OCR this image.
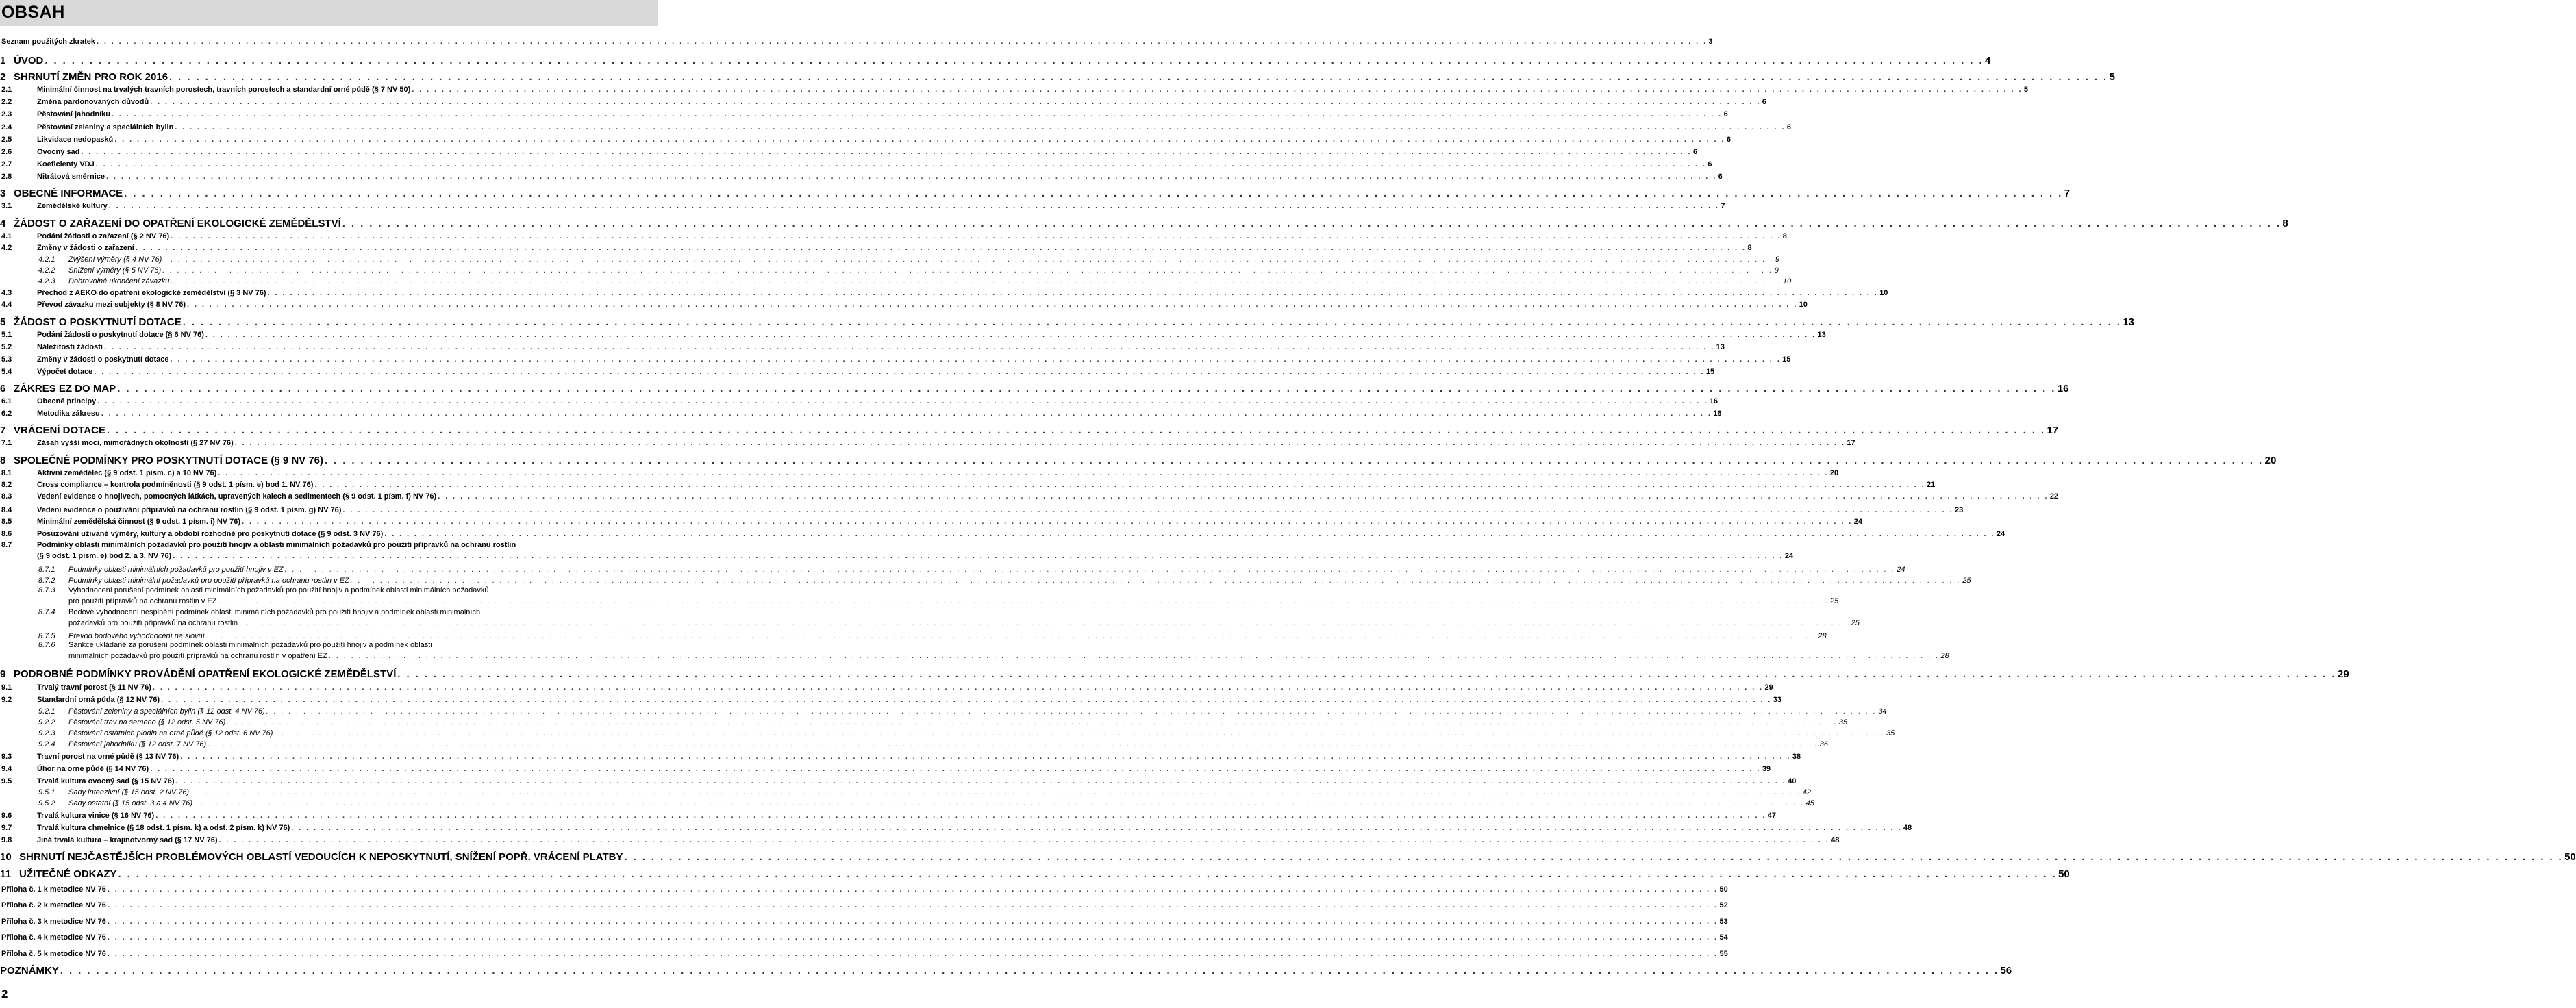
OBSAH
Seznam použitých zkratek . . .	3
1 ÚVOD . . .	4
2 SHRNUTÍ ZMĚN PRO ROK 2016 . . .	5
2.1	Minimální činnost na trvalých travních porostech, travních porostech a standardní orné půdě (§ 7 NV 50) . . .	5
2.2	Změna pardonovaných důvodů . . .	6
2.3	Pěstování jahodníku . . .	6
2.4	Pěstování zeleniny a speciálních bylin . . .	6
2.5	Likvidace nedopasků . . .	6
2.6	Ovocný sad . . .	6
2.7	Koeficienty VDJ . . .	6
2.8	Nitrátová směrnice . . .	6
3 OBECNÉ INFORMACE . . .	7
3.1	Zemědělské kultury . . .	7
4 ŽÁDOST O ZAŘAZENÍ DO OPATŘENÍ EKOLOGICKÉ ZEMĚDĚLSTVÍ . . .	8
4.1	Podání žádosti o zařazení (§ 2 NV 76) . . .	8
4.2	Změny v žádosti o zařazení . . .	8
4.2.1	Zvýšení výměry (§ 4 NV 76) . . .	9
4.2.2	Snížení výměry (§ 5 NV 76) . . .	9
4.2.3	Dobrovolné ukončení závazku . . .	10
4.3	Přechod z AEKO do opatření ekologické zemědělství (§ 3 NV 76) . . .	10
4.4	Převod závazku mezi subjekty (§ 8 NV 76) . . .	10
5 ŽÁDOST O POSKYTNUTÍ DOTACE . . .	13
5.1	Podání žádosti o poskytnutí dotace (§ 6 NV 76) . . .	13
5.2	Náležitosti žádosti . . .	13
5.3	Změny v žádosti o poskytnutí dotace . . .	15
5.4	Výpočet dotace . . .	15
6 ZÁKRES EZ DO MAP . . .	16
6.1	Obecné principy . . .	16
6.2	Metodika zákresu . . .	16
7 VRÁCENÍ DOTACE . . .	17
7.1	Zásah vyšší moci, mimořádných okolností (§ 27 NV 76) . . .	17
8 SPOLEČNÉ PODMÍNKY PRO POSKYTNUTÍ DOTACE (§ 9 NV 76) . . .	20
8.1	Aktivní zemědělec (§ 9 odst. 1 písm. c) a 10 NV 76) . . .	20
8.2	Cross compliance – kontrola podmíněnosti (§ 9 odst. 1 písm. e) bod 1. NV 76) . . .	21
8.3	Vedení evidence o hnojivech, pomocných látkách, upravených kalech a sedimentech (§ 9 odst. 1 písm. f) NV 76) . . .	22
8.4	Vedení evidence o používání přípravků na ochranu rostlin (§ 9 odst. 1 písm. g) NV 76) . . .	23
8.5	Minimální zemědělská činnost (§ 9 odst. 1 písm. i) NV 76) . . .	24
8.6	Posuzování užívané výměry, kultury a období rozhodné pro poskytnutí dotace (§ 9 odst. 3 NV 76) . . .	24
8.7	Podmínky oblasti minimálních požadavků pro použití hnojiv a oblasti minimálních požadavků pro použití přípravků na ochranu rostlin
(§ 9 odst. 1 písm. e) bod 2. a 3. NV 76) . . .	24
8.7.1	Podmínky oblasti minimálních požadavků pro použití hnojiv v EZ . . .	24
8.7.2	Podmínky oblasti minimální požadavků pro použití přípravků na ochranu rostlin v EZ . . .	25
8.7.3 Vyhodnocení porušení podmínek oblasti minimálních požadavků pro použití hnojiv a podmínek oblasti minimálních požadavků
pro použití přípravků na ochranu rostlin v EZ . . .	25
8.7.4 Bodové vyhodnocení nesplnění podmínek oblasti minimálních požadavků pro použití hnojiv a podmínek oblasti minimálních
požadavků pro použití přípravků na ochranu rostlin . . .	25
8.7.5	Převod bodového vyhodnocení na slovní . . .	28
8.7.6 Sankce ukládané za porušení podmínek oblasti minimálních požadavků pro použití hnojiv a podmínek oblasti
minimálních požadavků pro použití přípravků na ochranu rostlin v opatření EZ . . .	28
9 PODROBNÉ PODMÍNKY PROVÁDĚNÍ OPATŘENÍ EKOLOGICKÉ ZEMĚDĚLSTVÍ . . .	29
9.1	Trvalý travní porost (§ 11 NV 76) . . .	29
9.2	Standardní orná půda (§ 12 NV 76) . . .	33
9.2.1	Pěstování zeleniny a speciálních bylin (§ 12 odst. 4 NV 76) . . .	34
9.2.2	Pěstování trav na semeno (§ 12 odst. 5 NV 76) . . .	35
9.2.3	Pěstování ostatních plodin na orné půdě (§ 12 odst. 6 NV 76) . . .	35
9.2.4	Pěstování jahodníku (§ 12 odst. 7 NV 76) . . .	36
9.3	Travní porost na orné půdě (§ 13 NV 76) . . .	38
9.4	Úhor na orné půdě (§ 14 NV 76) . . .	39
9.5	Trvalá kultura ovocný sad (§ 15 NV 76) . . .	40
9.5.1	Sady intenzivní (§ 15 odst. 2 NV 76) . . .	42
9.5.2	Sady ostatní (§ 15 odst. 3 a 4 NV 76) . . .	45
9.6	Trvalá kultura vinice (§ 16 NV 76) . . .	47
9.7	Trvalá kultura chmelnice (§ 18 odst. 1 písm. k) a odst. 2 písm. k) NV 76) . . .	48
9.8	Jiná trvalá kultura – krajinotvorný sad (§ 17 NV 76) . . .	48
10 SHRNUTÍ NEJČASTĚJŠÍCH PROBLÉMOVÝCH OBLASTÍ VEDOUCÍCH K NEPOSKYTNUTÍ, SNÍŽENÍ POPŘ. VRÁCENÍ PLATBY . . .	50
11 UŽITEČNÉ ODKAZY . . .	50
Příloha č. 1 k metodice NV 76 . . .	50
Příloha č. 2 k metodice NV 76 . . .	52
Příloha č. 3 k metodice NV 76 . . .	53
Příloha č. 4 k metodice NV 76 . . .	54
Příloha č. 5 k metodice NV 76 . . .	55
POZNÁMKY . . .	56
2
